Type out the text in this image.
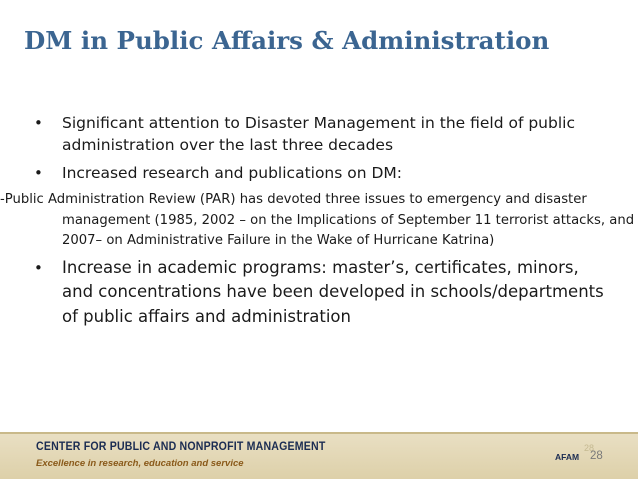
DM in Public Affairs & Administration
• Significant attention to Disaster Management in the field of public administration over the last three decades
• Increased research and publications on DM:
-Public Administration Review (PAR) has devoted three issues to emergency and disaster management (1985, 2002 – on the Implications of September 11 terrorist attacks, and 2007– on Administrative Failure in the Wake of Hurricane Katrina)
• Increase in academic programs: master’s, certificates, minors, and concentrations have been developed in schools/departments of public affairs and administration
CENTER FOR PUBLIC AND NONPROFIT MANAGEMENT
Excellence in research, education and service
28
AFAM 28
